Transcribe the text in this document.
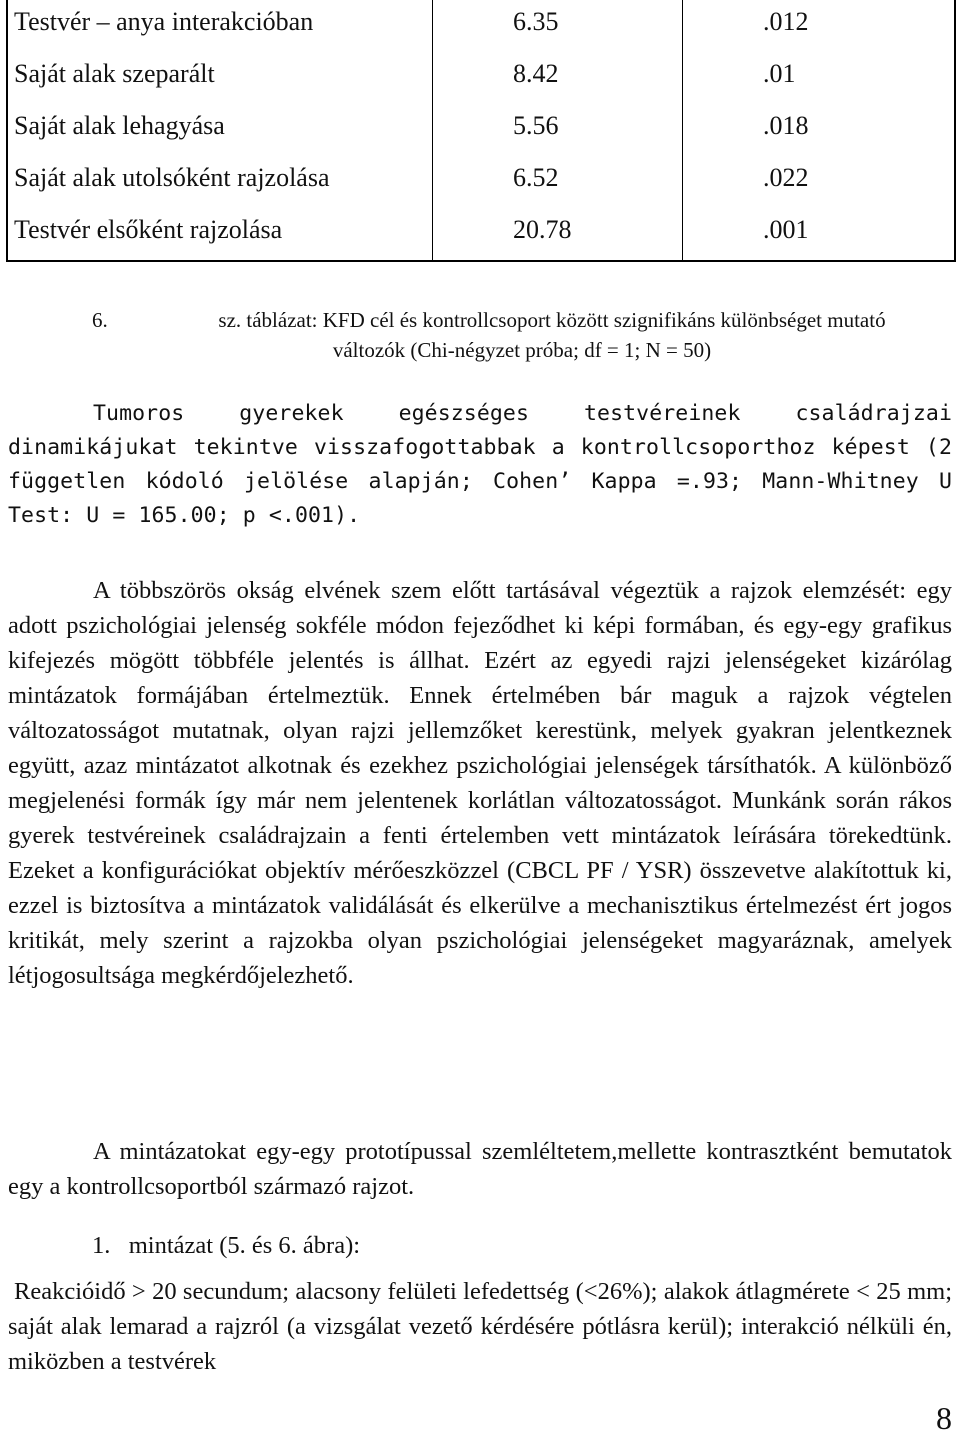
Testvér – anya interakcióban	6.35	.012
Saját alak szeparált	8.42	.01
Saját alak lehagyása	5.56	.018
Saját alak utolsóként rajzolása	6.52	.022
Testvér elsőként rajzolása	20.78	.001
6.	sz. táblázat: KFD cél és kontrollcsoport között szignifikáns különbséget mutató
változók (Chi-négyzet próba; df = 1; N = 50)
Tumoros gyerekek egészséges testvéreinek családrajzai dinamikájukat tekintve visszafogottabbak a kontrollcsoporthoz képest (2 független kódoló jelölése alapján; Cohen’ Kappa =.93; Mann-Whitney U Test: U = 165.00; p <.001).
A többszörös okság elvének szem előtt tartásával végeztük a rajzok elemzését: egy adott pszichológiai jelenség sokféle módon fejeződhet ki képi formában, és egy-egy grafikus kifejezés mögött többféle jelentés is állhat. Ezért az egyedi rajzi jelenségeket kizárólag mintázatok formájában értelmeztük. Ennek értelmében bár maguk a rajzok végtelen változatosságot mutatnak, olyan rajzi jellemzőket kerestünk, melyek gyakran jelentkeznek együtt, azaz mintázatot alkotnak és ezekhez pszichológiai jelenségek társíthatók. A különböző megjelenési formák így már nem jelentenek korlátlan változatosságot. Munkánk során rákos gyerek testvéreinek családrajzain a fenti értelemben vett mintázatok leírására törekedtünk. Ezeket a konfigurációkat objektív mérőeszközzel (CBCL PF / YSR) összevetve alakítottuk ki, ezzel is biztosítva a mintázatok validálását és elkerülve a mechanisztikus értelmezést ért jogos kritikát, mely szerint a rajzokba olyan pszichológiai jelenségeket magyaráznak, amelyek létjogosultsága megkérdőjelezhető.
A mintázatokat egy-egy prototípussal szemléltetem,mellette kontrasztként bemutatok egy a kontrollcsoportból származó rajzot.
1.   mintázat (5. és 6. ábra):
Reakcióidő > 20 secundum; alacsony felületi lefedettség (<26%); alakok átlagmérete < 25 mm; saját alak lemarad a rajzról (a vizsgálat vezető kérdésére pótlásra kerül); interakció nélküli én, miközben a testvérek
8
